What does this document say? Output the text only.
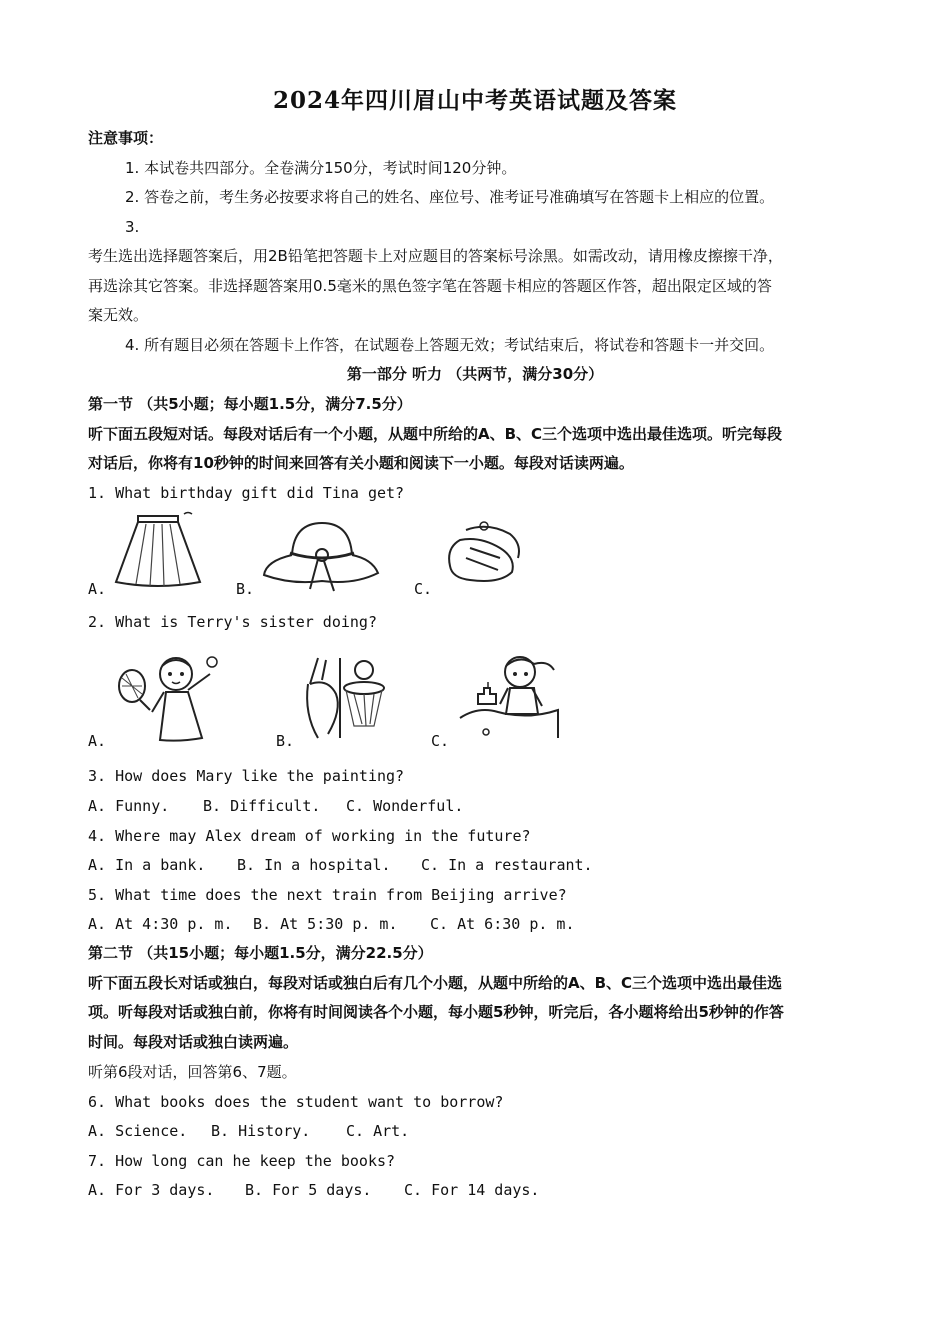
2024年四川眉山中考英语试题及答案
注意事项：
1. 本试卷共四部分。全卷满分150分，考试时间120分钟。
2. 答卷之前，考生务必按要求将自己的姓名、座位号、准考证号准确填写在答题卡上相应的位置。
3.
考生选出选择题答案后，用2B铅笔把答题卡上对应题目的答案标号涂黑。如需改动，请用橡皮擦擦干净，
再选涂其它答案。非选择题答案用0.5毫米的黑色签字笔在答题卡相应的答题区作答，超出限定区域的答
案无效。
4. 所有题目必须在答题卡上作答，在试题卷上答题无效；考试结束后，将试卷和答题卡一并交回。
第一部分 听力 （共两节，满分30分）
第一节 （共5小题；每小题1.5分，满分7.5分）
听下面五段短对话。每段对话后有一个小题，从题中所给的A、B、C三个选项中选出最佳选项。听完每段
对话后，你将有10秒钟的时间来回答有关小题和阅读下一小题。每段对话读两遍。
1. What birthday gift did Tina get?
A.	B.	C.
2. What is Terry's sister doing?
A.	B.	C.
3. How does Mary like the painting?
A. Funny. B. Difficult. C. Wonderful.
4. Where may Alex dream of working in the future?
A. In a bank. B. In a hospital. C. In a restaurant.
5. What time does the next train from Beijing arrive?
A. At 4:30 p. m. B. At 5:30 p. m. C. At 6:30 p. m.
第二节 （共15小题；每小题1.5分，满分22.5分）
听下面五段长对话或独白，每段对话或独白后有几个小题，从题中所给的A、B、C三个选项中选出最佳选
项。听每段对话或独白前，你将有时间阅读各个小题，每小题5秒钟，听完后，各小题将给出5秒钟的作答
时间。每段对话或独白读两遍。
听第6段对话，回答第6、7题。
6. What books does the student want to borrow?
A. Science. B. History. C. Art.
7. How long can he keep the books?
A. For 3 days. B. For 5 days. C. For 14 days.
